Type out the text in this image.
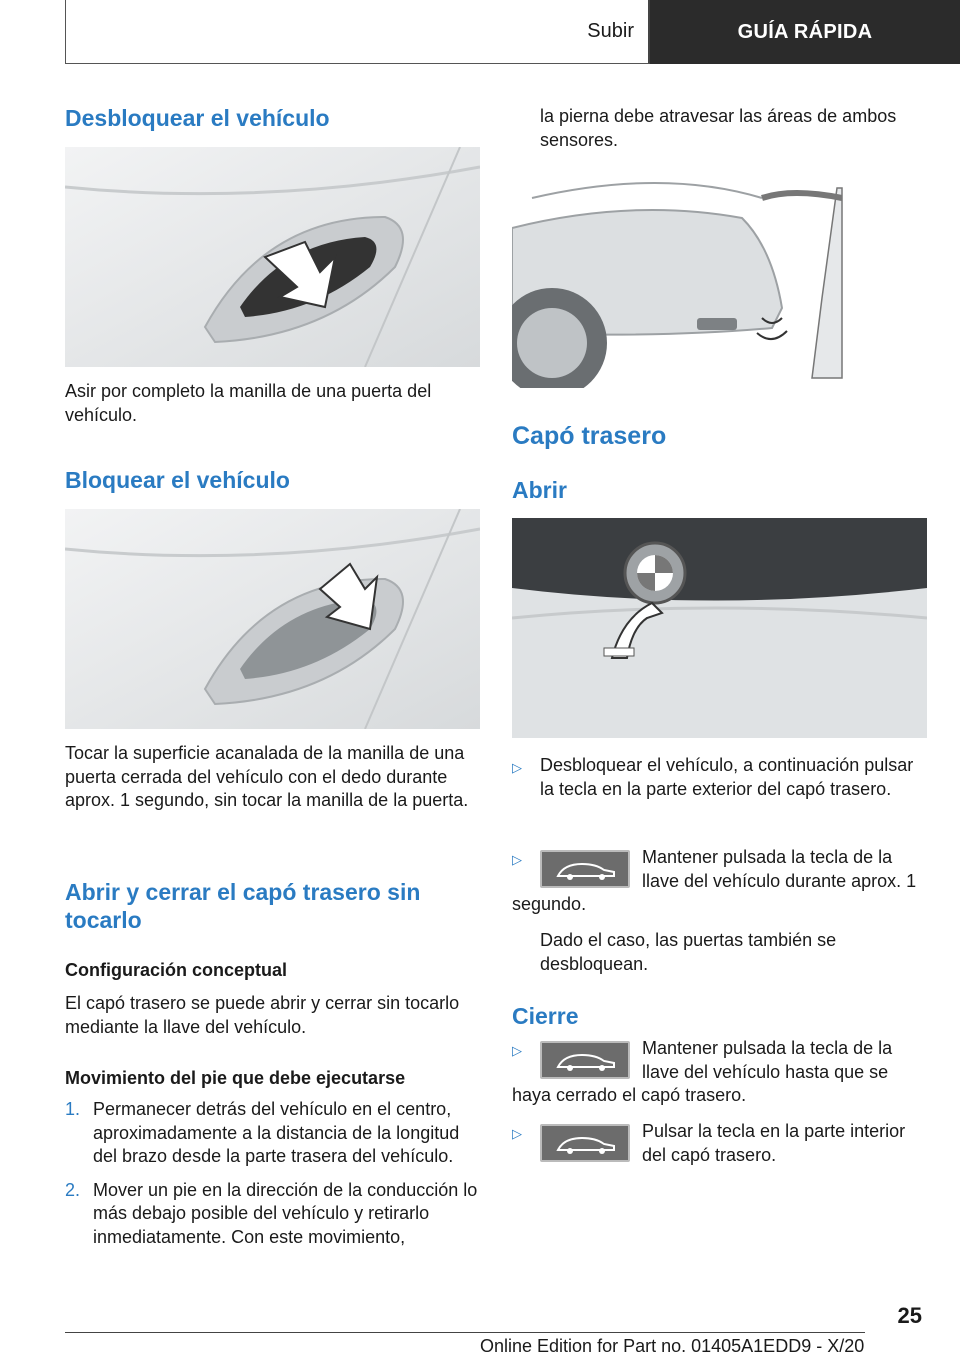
Subir	GUÍA RÁPIDA
Desbloquear el vehículo

Asir por completo la manilla de una puerta del vehículo.

Bloquear el vehículo

Tocar la superficie acanalada de la manilla de una puerta cerrada del vehículo con el dedo durante aprox. 1 segundo, sin tocar la manilla de la puerta.

Abrir y cerrar el capó trasero sin tocarlo
Configuración conceptual

El capó trasero se puede abrir y cerrar sin tocarlo mediante la llave del vehículo.

Movimiento del pie que debe ejecutarse
1. Permanecer detrás del vehículo en el centro, aproximadamente a la distancia de la longitud del brazo desde la parte trasera del vehículo.
2. Mover un pie en la dirección de la conducción lo más debajo posible del vehículo y retirarlo inmediatamente. Con este movimiento,

la pierna debe atravesar las áreas de ambos sensores.

Capó trasero
Abrir
▷	Desbloquear el vehículo, a continuación pulsar la tecla en la parte exterior del capó trasero.
▷	Mantener pulsada la tecla de la llave del vehículo durante aprox. 1 segundo.

Dado el caso, las puertas también se desbloquean.

Cierre
▷	Mantener pulsada la tecla de la llave del vehículo hasta que se haya cerrado el capó trasero.
▷	Pulsar la tecla en la parte interior del capó trasero.
25
Online Edition for Part no. 01405A1EDD9 - X/20
